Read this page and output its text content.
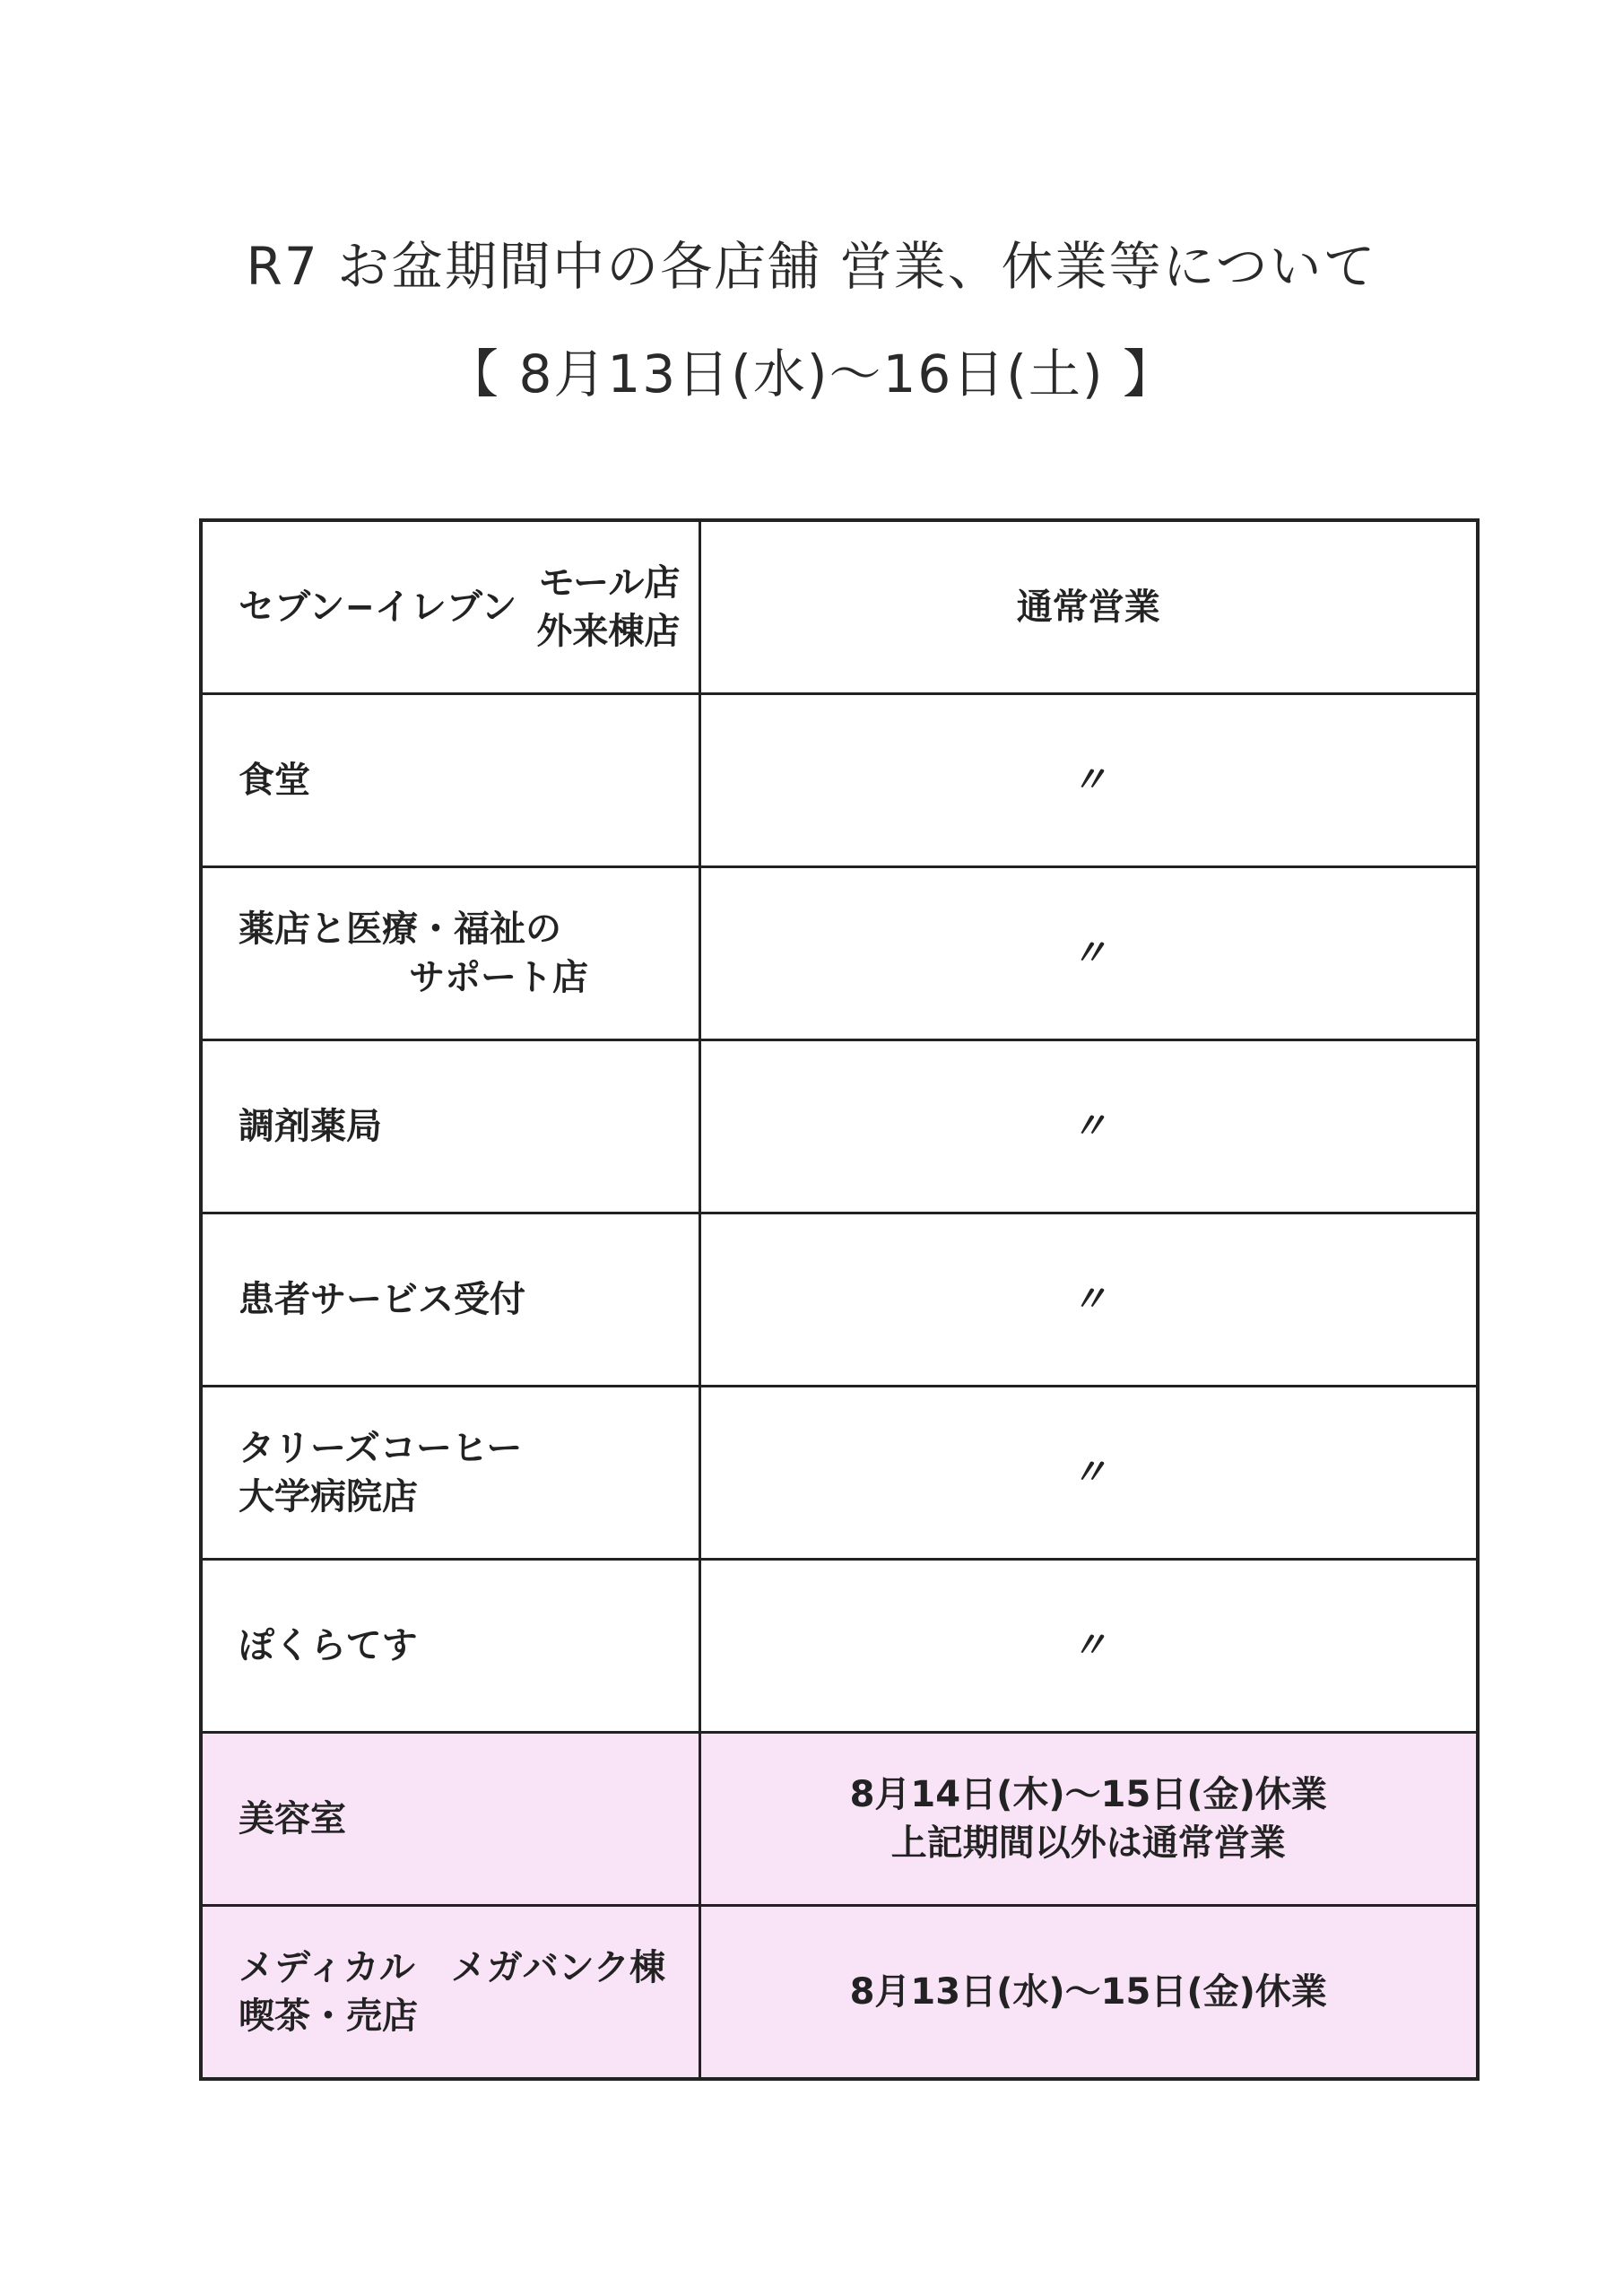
R7 お盆期間中の各店舗 営業、休業等について
【 8月13日(水)～16日(土) 】
セブン−イレブン
モール店
外来棟店	通常営業

食堂	〃

薬店と医療・福祉の
サポート店	〃

調剤薬局	〃

患者サービス受付	〃

タリーズコーヒー
大学病院店	〃

ぽくらてす	〃

美容室	8月14日(木)～15日(金)休業
上記期間以外は通常営業

メディカル　メガバンク棟
喫茶・売店	8月13日(水)～15日(金)休業
